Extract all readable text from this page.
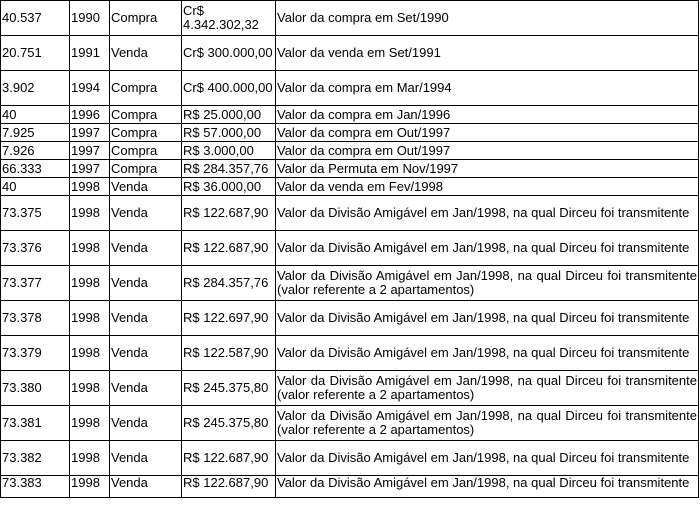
40.537	1990	Compra	Cr$ 4.342.302,32	Valor da compra em Set/1990
20.751	1991	Venda	Cr$ 300.000,00	Valor da venda em Set/1991
3.902	1994	Compra	Cr$ 400.000,00	Valor da compra em Mar/1994
40	1996	Compra	R$ 25.000,00	Valor da compra em Jan/1996
7.925	1997	Compra	R$ 57.000,00	Valor da compra em Out/1997
7.926	1997	Compra	R$ 3.000,00	Valor da compra em Out/1997
66.333	1997	Compra	R$ 284.357,76	Valor da Permuta em Nov/1997
40	1998	Venda	R$ 36.000,00	Valor da venda em Fev/1998
73.375	1998	Venda	R$ 122.687,90	Valor da Divisão Amigável em Jan/1998, na qual Dirceu foi transmitente
73.376	1998	Venda	R$ 122.687,90	Valor da Divisão Amigável em Jan/1998, na qual Dirceu foi transmitente
73.377	1998	Venda	R$ 284.357,76	Valor da Divisão Amigável em Jan/1998, na qual Dirceu foi transmitente (valor referente a 2 apartamentos)
73.378	1998	Venda	R$ 122.697,90	Valor da Divisão Amigável em Jan/1998, na qual Dirceu foi transmitente
73.379	1998	Venda	R$ 122.587,90	Valor da Divisão Amigável em Jan/1998, na qual Dirceu foi transmitente
73.380	1998	Venda	R$ 245.375,80	Valor da Divisão Amigável em Jan/1998, na qual Dirceu foi transmitente (valor referente a 2 apartamentos)
73.381	1998	Venda	R$ 245.375,80	Valor da Divisão Amigável em Jan/1998, na qual Dirceu foi transmitente (valor referente a 2 apartamentos)
73.382	1998	Venda	R$ 122.687,90	Valor da Divisão Amigável em Jan/1998, na qual Dirceu foi transmitente
73.383	1998	Venda	R$ 122.687,90	Valor da Divisão Amigável em Jan/1998, na qual Dirceu foi transmitente
